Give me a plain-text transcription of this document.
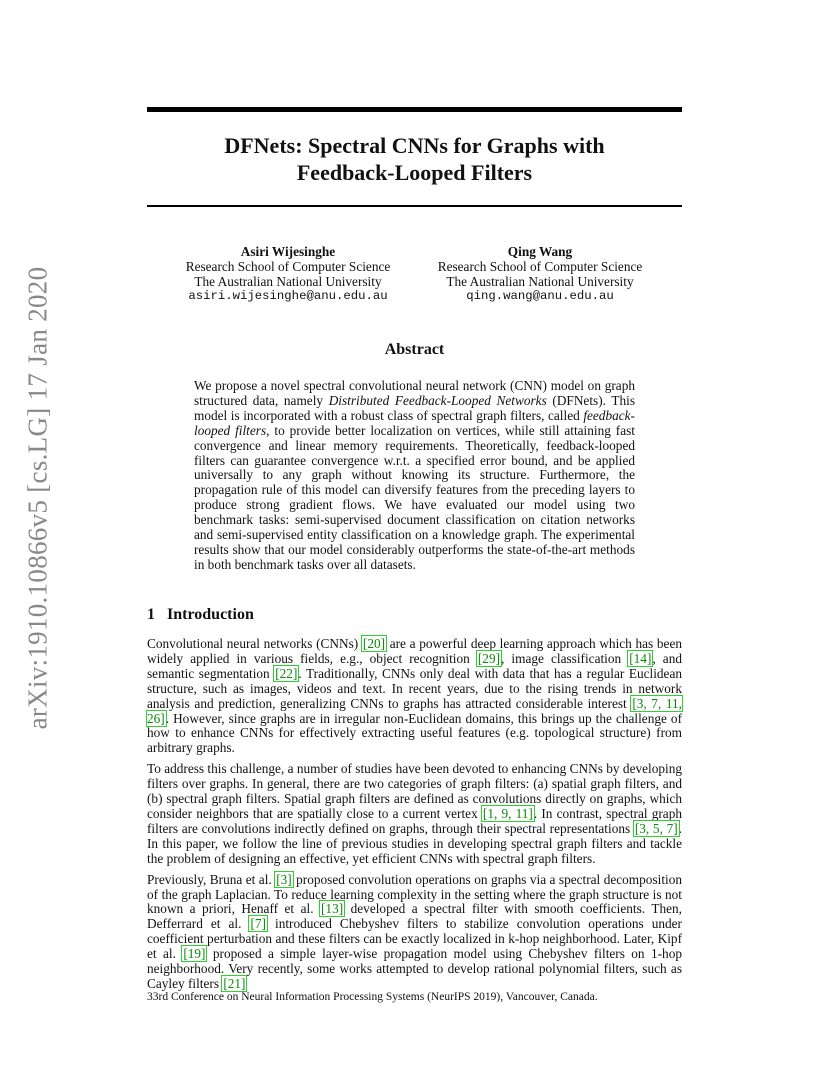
arXiv:1910.10866v5 [cs.LG] 17 Jan 2020
DFNets: Spectral CNNs for Graphs with
Feedback-Looped Filters
Asiri Wijesinghe
Research School of Computer Science
The Australian National University
asiri.wijesinghe@anu.edu.au
Qing Wang
Research School of Computer Science
The Australian National University
qing.wang@anu.edu.au
Abstract
We propose a novel spectral convolutional neural network (CNN) model on graph structured data, namely Distributed Feedback-Looped Networks (DFNets). This model is incorporated with a robust class of spectral graph filters, called feedback-looped filters, to provide better localization on vertices, while still attaining fast convergence and linear memory requirements. Theoretically, feedback-looped filters can guarantee convergence w.r.t. a specified error bound, and be applied universally to any graph without knowing its structure. Furthermore, the propagation rule of this model can diversify features from the preceding layers to produce strong gradient flows. We have evaluated our model using two benchmark tasks: semi-supervised document classification on citation networks and semi-supervised entity classification on a knowledge graph. The experimental results show that our model considerably outperforms the state-of-the-art methods in both benchmark tasks over all datasets.
1 Introduction

Convolutional neural networks (CNNs) [20] are a powerful deep learning approach which has been widely applied in various fields, e.g., object recognition [29], image classification [14], and semantic segmentation [22]. Traditionally, CNNs only deal with data that has a regular Euclidean structure, such as images, videos and text. In recent years, due to the rising trends in network analysis and prediction, generalizing CNNs to graphs has attracted considerable interest [3, 7, 11, 26]. However, since graphs are in irregular non-Euclidean domains, this brings up the challenge of how to enhance CNNs for effectively extracting useful features (e.g. topological structure) from arbitrary graphs.

To address this challenge, a number of studies have been devoted to enhancing CNNs by developing filters over graphs. In general, there are two categories of graph filters: (a) spatial graph filters, and (b) spectral graph filters. Spatial graph filters are defined as convolutions directly on graphs, which consider neighbors that are spatially close to a current vertex [1, 9, 11]. In contrast, spectral graph filters are convolutions indirectly defined on graphs, through their spectral representations [3, 5, 7]. In this paper, we follow the line of previous studies in developing spectral graph filters and tackle the problem of designing an effective, yet efficient CNNs with spectral graph filters.

Previously, Bruna et al. [3] proposed convolution operations on graphs via a spectral decomposition of the graph Laplacian. To reduce learning complexity in the setting where the graph structure is not known a priori, Henaff et al. [13] developed a spectral filter with smooth coefficients. Then, Defferrard et al. [7] introduced Chebyshev filters to stabilize convolution operations under coefficient perturbation and these filters can be exactly localized in k-hop neighborhood. Later, Kipf et al. [19] proposed a simple layer-wise propagation model using Chebyshev filters on 1-hop neighborhood. Very recently, some works attempted to develop rational polynomial filters, such as Cayley filters [21]

33rd Conference on Neural Information Processing Systems (NeurIPS 2019), Vancouver, Canada.
